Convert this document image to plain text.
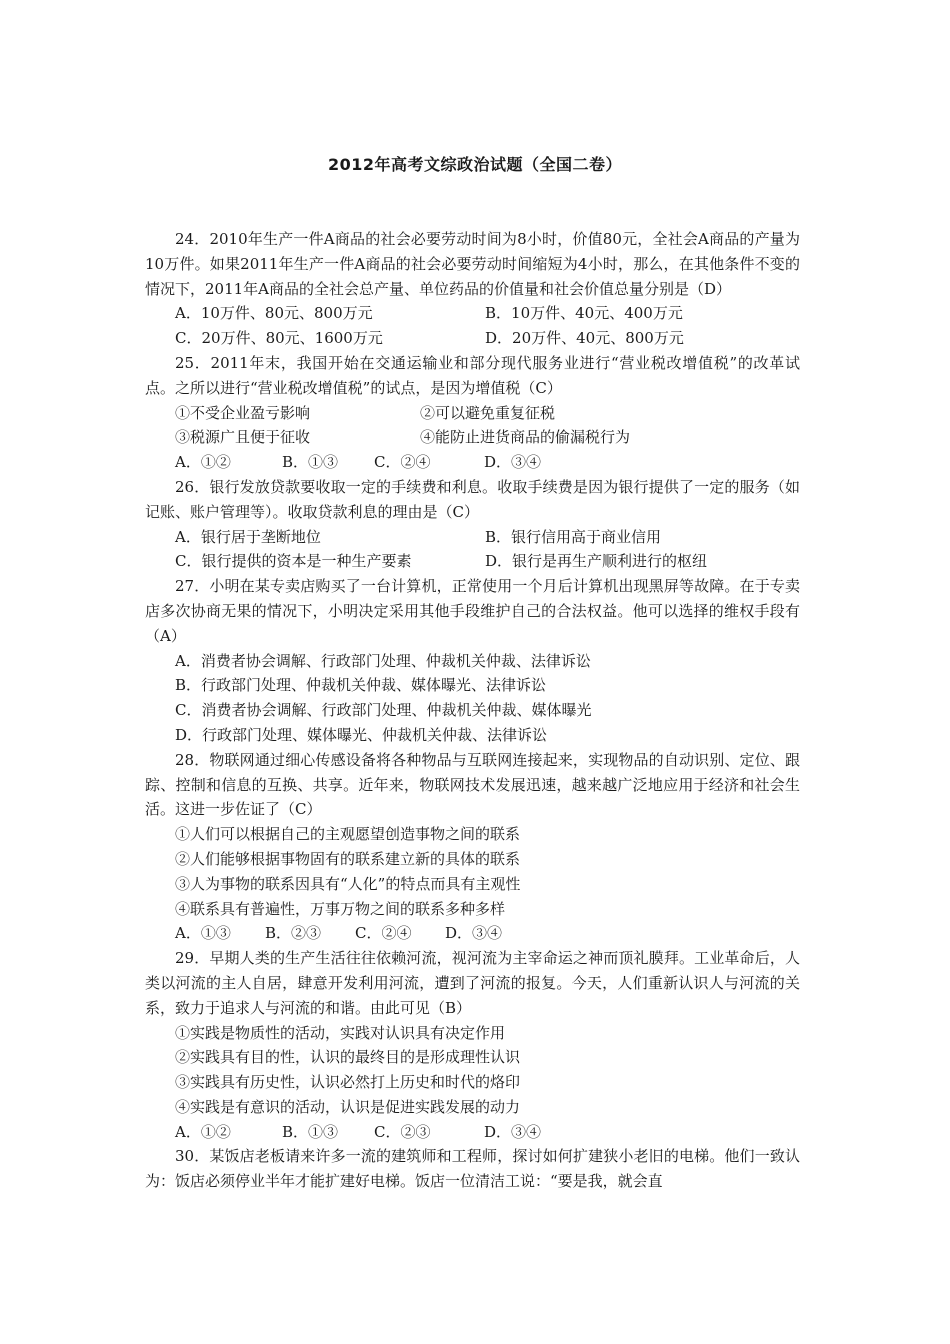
2012年高考文综政治试题（全国二卷）

24．2010年生产一件A商品的社会必要劳动时间为8小时，价值80元，全社会A商品的产量为10万件。如果2011年生产一件A商品的社会必要劳动时间缩短为4小时，那么，在其他条件不变的情况下，2011年A商品的全社会总产量、单位药品的价值量和社会价值总量分别是（D）

A．10万件、80元、800万元	B．10万件、40元、400万元
C．20万件、80元、1600万元	D．20万件、40元、800万元

25．2011年末，我国开始在交通运输业和部分现代服务业进行“营业税改增值税”的改革试点。之所以进行“营业税改增值税”的试点，是因为增值税（C）

①不受企业盈亏影响	②可以避免重复征税
③税源广且便于征收	④能防止进货商品的偷漏税行为
A．①②	B．①③ C．②④	D．③④

26．银行发放贷款要收取一定的手续费和利息。收取手续费是因为银行提供了一定的服务（如记账、账户管理等）。收取贷款利息的理由是（C）

A．银行居于垄断地位	B．银行信用高于商业信用
C．银行提供的资本是一种生产要素	D．银行是再生产顺利进行的枢纽

27．小明在某专卖店购买了一台计算机，正常使用一个月后计算机出现黑屏等故障。在于专卖店多次协商无果的情况下，小明决定采用其他手段维护自己的合法权益。他可以选择的维权手段有（A）

A．消费者协会调解、行政部门处理、仲裁机关仲裁、法律诉讼

B．行政部门处理、仲裁机关仲裁、媒体曝光、法律诉讼

C．消费者协会调解、行政部门处理、仲裁机关仲裁、媒体曝光

D．行政部门处理、媒体曝光、仲裁机关仲裁、法律诉讼

28．物联网通过细心传感设备将各种物品与互联网连接起来，实现物品的自动识别、定位、跟踪、控制和信息的互换、共享。近年来，物联网技术发展迅速，越来越广泛地应用于经济和社会生活。这进一步佐证了（C）

①人们可以根据自己的主观愿望创造事物之间的联系

②人们能够根据事物固有的联系建立新的具体的联系

③人为事物的联系因具有“人化”的特点而具有主观性

④联系具有普遍性，万事万物之间的联系多种多样

A．①③ B．②③ C．②④ D．③④

29．早期人类的生产生活往往依赖河流，视河流为主宰命运之神而顶礼膜拜。工业革命后，人类以河流的主人自居，肆意开发利用河流，遭到了河流的报复。今天，人们重新认识人与河流的关系，致力于追求人与河流的和谐。由此可见（B）

①实践是物质性的活动，实践对认识具有决定作用

②实践具有目的性，认识的最终目的是形成理性认识

③实践具有历史性，认识必然打上历史和时代的烙印

④实践是有意识的活动，认识是促进实践发展的动力

A．①②	B．①③ C．②③	D．③④

30．某饭店老板请来许多一流的建筑师和工程师，探讨如何扩建狭小老旧的电梯。他们一致认为：饭店必须停业半年才能扩建好电梯。饭店一位清洁工说：“要是我，就会直
